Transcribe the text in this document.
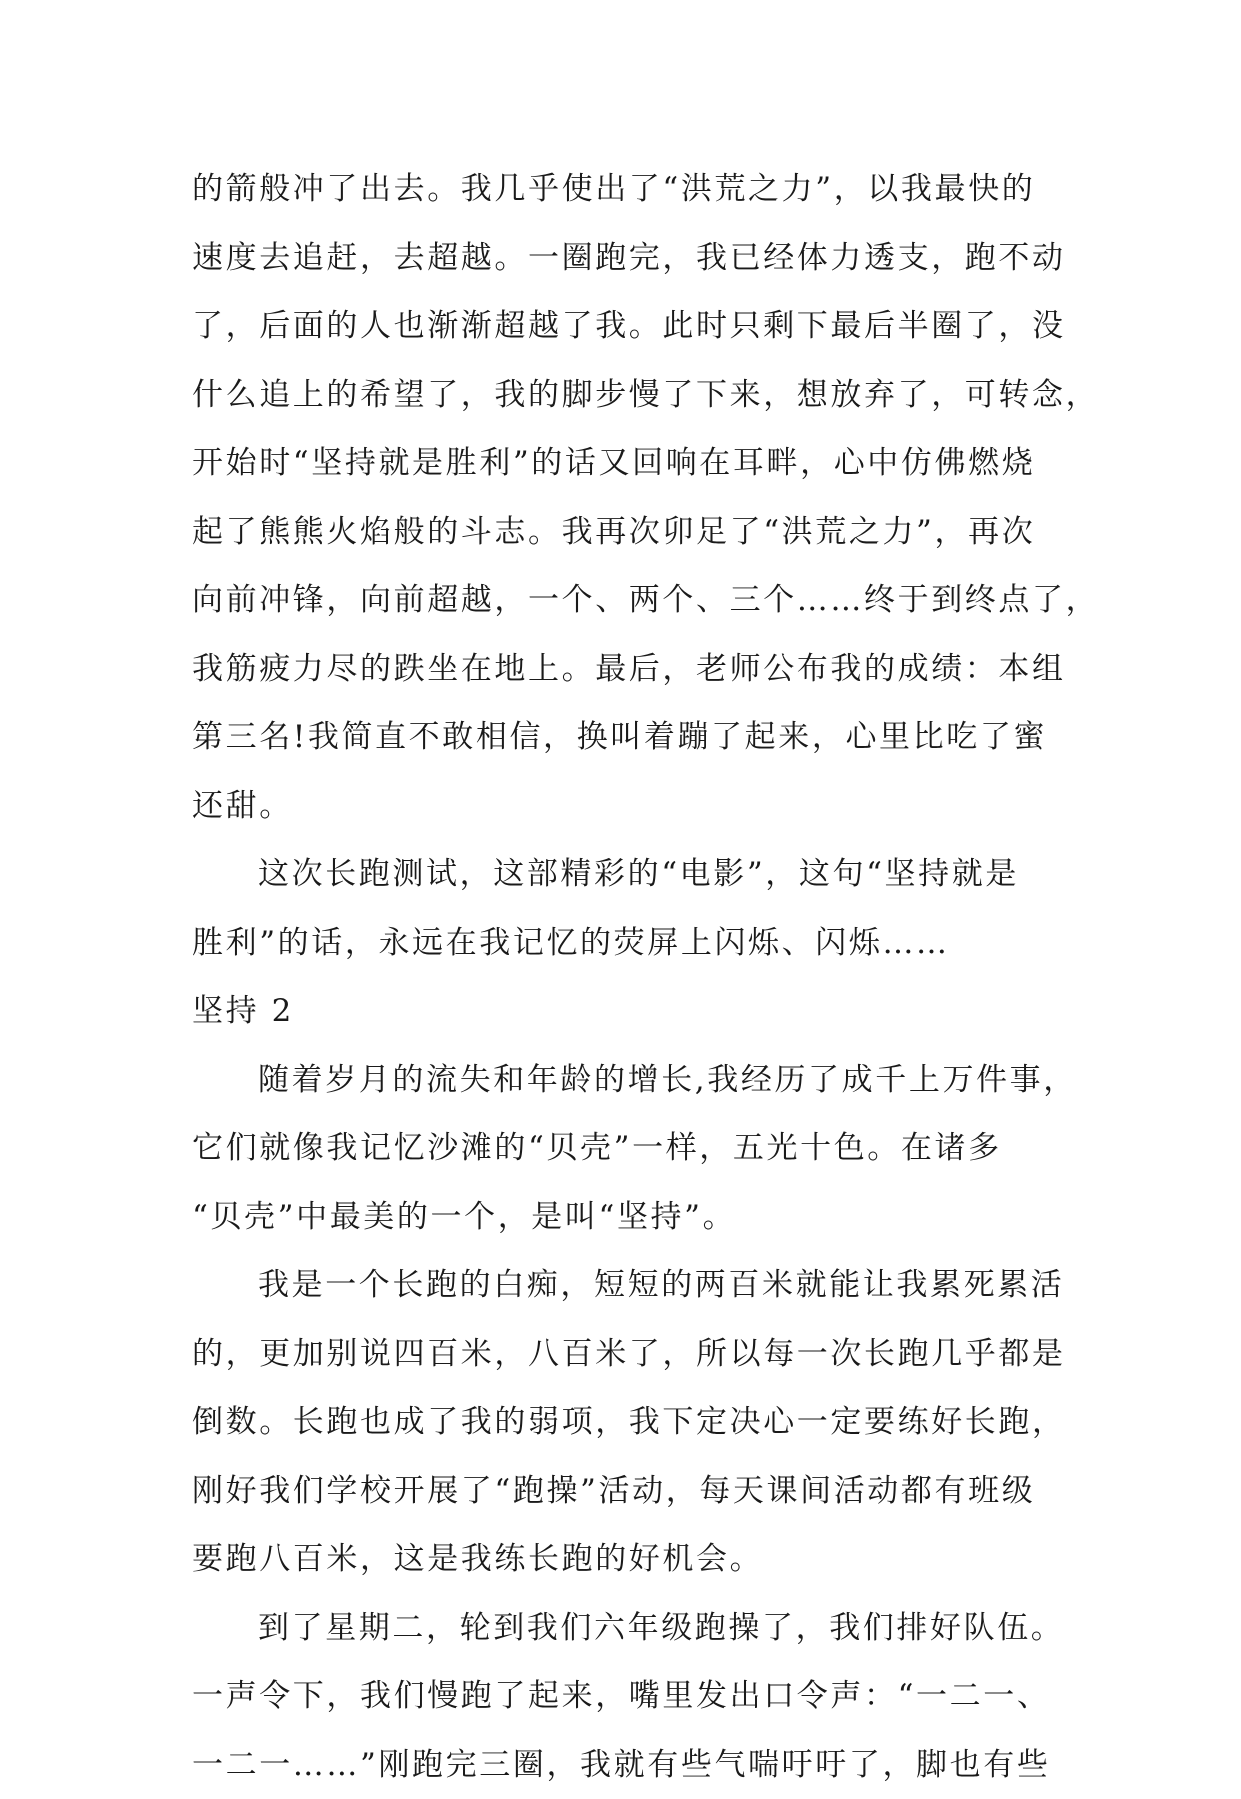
的箭般冲了出去。我几乎使出了“洪荒之力”，以我最快的
速度去追赶，去超越。一圈跑完，我已经体力透支，跑不动
了，后面的人也渐渐超越了我。此时只剩下最后半圈了，没
什么追上的希望了，我的脚步慢了下来，想放弃了，可转念，
开始时“坚持就是胜利”的话又回响在耳畔，心中仿佛燃烧
起了熊熊火焰般的斗志。我再次卯足了“洪荒之力”，再次
向前冲锋，向前超越，一个、两个、三个……终于到终点了，
我筋疲力尽的跌坐在地上。最后，老师公布我的成绩：本组
第三名!我简直不敢相信，换叫着蹦了起来，心里比吃了蜜
还甜。
这次长跑测试，这部精彩的“电影”，这句“坚持就是
胜利”的话，永远在我记忆的荧屏上闪烁、闪烁……
坚持 2
随着岁月的流失和年龄的增长,我经历了成千上万件事，
它们就像我记忆沙滩的“贝壳”一样，五光十色。在诸多
“贝壳”中最美的一个，是叫“坚持”。
我是一个长跑的白痴，短短的两百米就能让我累死累活
的，更加别说四百米，八百米了，所以每一次长跑几乎都是
倒数。长跑也成了我的弱项，我下定决心一定要练好长跑，
刚好我们学校开展了“跑操”活动，每天课间活动都有班级
要跑八百米，这是我练长跑的好机会。
到了星期二，轮到我们六年级跑操了，我们排好队伍。
一声令下，我们慢跑了起来，嘴里发出口令声：“一二一、
一二一……”刚跑完三圈，我就有些气喘吁吁了，脚也有些
